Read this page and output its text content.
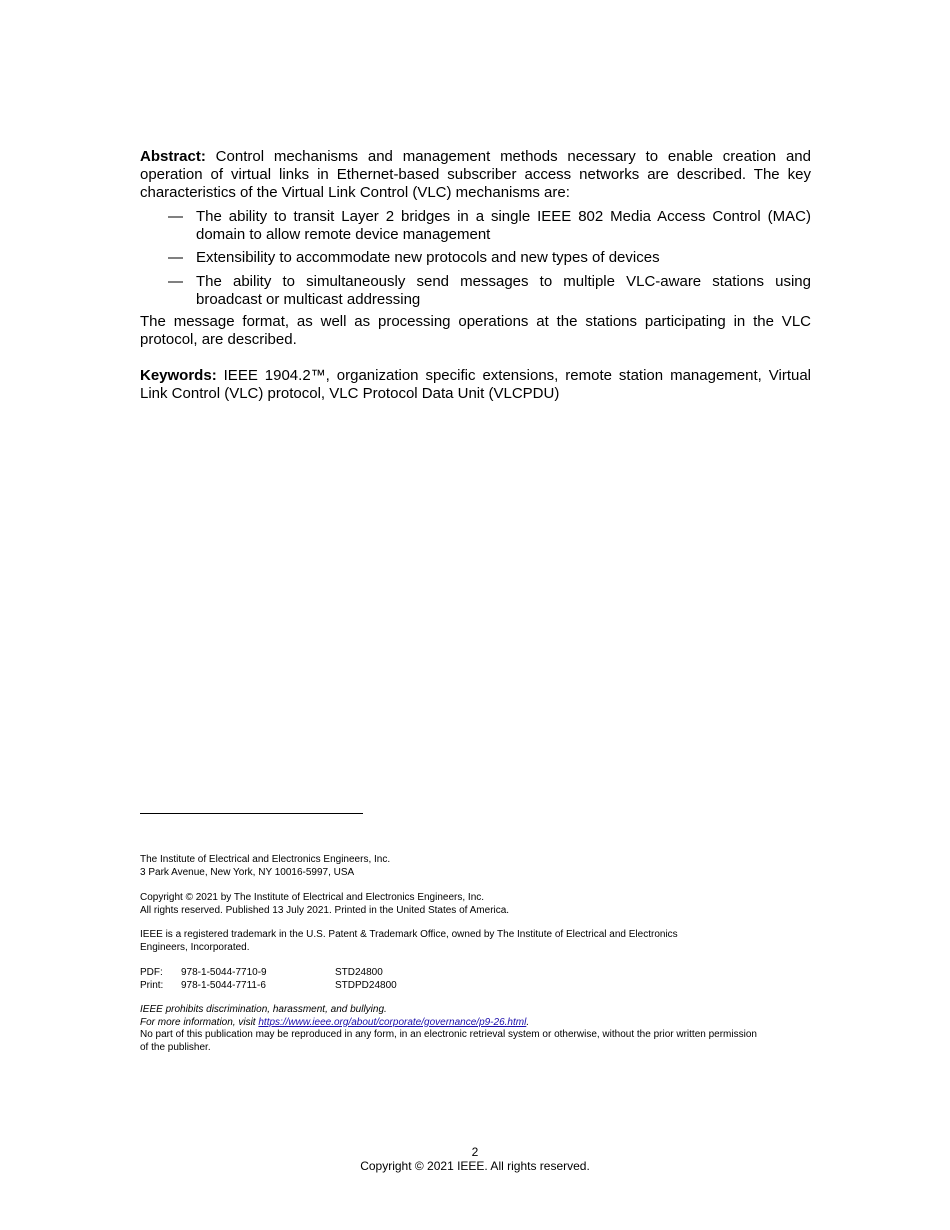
Abstract: Control mechanisms and management methods necessary to enable creation and operation of virtual links in Ethernet-based subscriber access networks are described. The key characteristics of the Virtual Link Control (VLC) mechanisms are:
— The ability to transit Layer 2 bridges in a single IEEE 802 Media Access Control (MAC) domain to allow remote device management
— Extensibility to accommodate new protocols and new types of devices
— The ability to simultaneously send messages to multiple VLC-aware stations using broadcast or multicast addressing
The message format, as well as processing operations at the stations participating in the VLC protocol, are described.
Keywords: IEEE 1904.2™, organization specific extensions, remote station management, Virtual Link Control (VLC) protocol, VLC Protocol Data Unit (VLCPDU)
The Institute of Electrical and Electronics Engineers, Inc.
3 Park Avenue, New York, NY 10016-5997, USA
Copyright © 2021 by The Institute of Electrical and Electronics Engineers, Inc.
All rights reserved. Published 13 July 2021. Printed in the United States of America.
IEEE is a registered trademark in the U.S. Patent & Trademark Office, owned by The Institute of Electrical and Electronics
Engineers, Incorporated.
PDF: 978-1-5044-7710-9	STD24800
Print: 978-1-5044-7711-6	STDPD24800
IEEE prohibits discrimination, harassment, and bullying.
For more information, visit https://www.ieee.org/about/corporate/governance/p9-26.html.
No part of this publication may be reproduced in any form, in an electronic retrieval system or otherwise, without the prior written permission
of the publisher.
2
Copyright © 2021 IEEE. All rights reserved.
